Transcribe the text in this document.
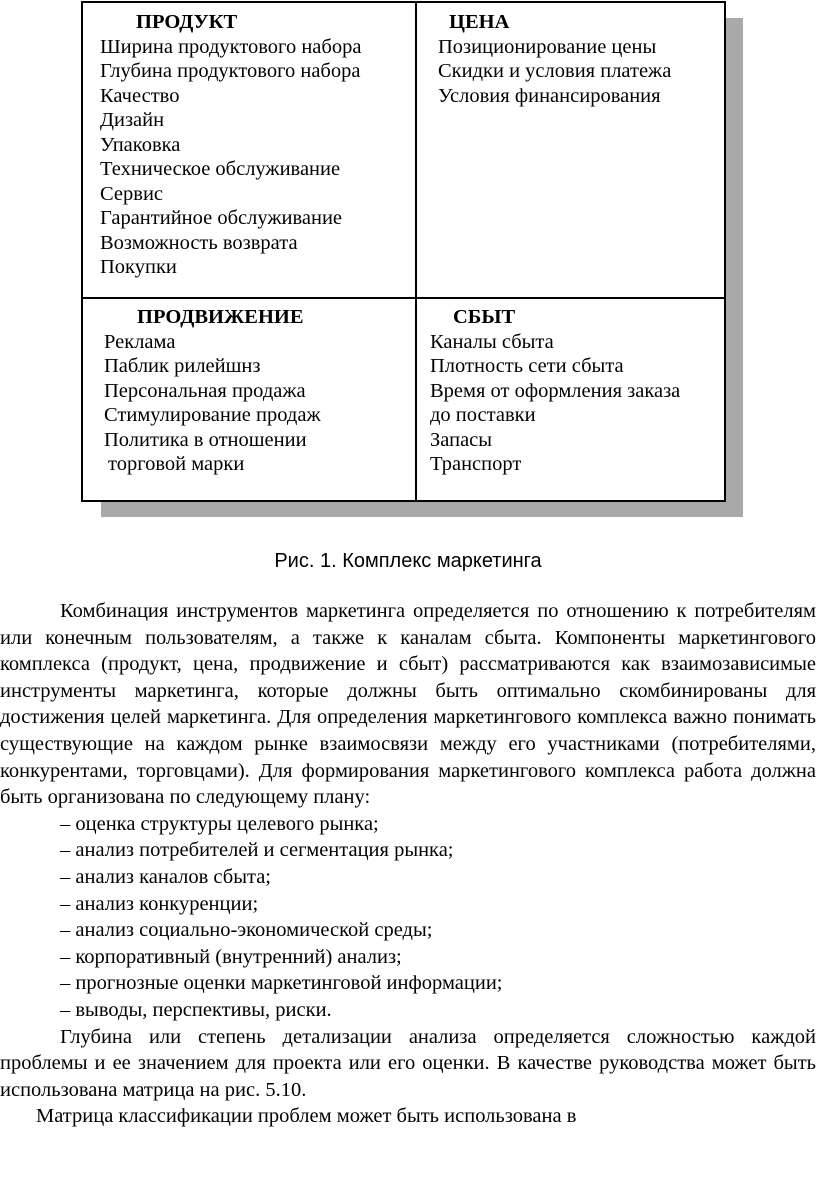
ПРОДУКТ
Ширина продуктового набора
Глубина продуктового набора
Качество
Дизайн
Упаковка
Техническое обслуживание
Сервис
Гарантийное обслуживание
Возможность возврата
Покупки
ЦЕНА
Позиционирование цены
Скидки и условия платежа
Условия финансирования
ПРОДВИЖЕНИЕ
Реклама
Паблик рилейшнз
Персональная продажа
Стимулирование продаж
Политика в отношении
торговой марки
СБЫТ
Каналы сбыта
Плотность сети сбыта
Время от оформления заказа
до поставки
Запасы
Транспорт
Рис. 1. Комплекс маркетинга

Комбинация инструментов маркетинга определяется по отношению к потребителям или конечным пользователям, а также к каналам сбыта. Компоненты маркетингового комплекса (продукт, цена, продвижение и сбыт) рассматриваются как взаимозависимые инструменты маркетинга, которые должны быть оптимально скомбинированы для достижения целей маркетинга. Для определения маркетингового комплекса важно понимать существующие на каждом рынке взаимосвязи между его участниками (потребителями, конкурентами, торговцами). Для формирования маркетингового комплекса работа должна быть организована по следующему плану:

– оценка структуры целевого рынка;
– анализ потребителей и сегментация рынка;
– анализ каналов сбыта;
– анализ конкуренции;
– анализ социально-экономической среды;
– корпоративный (внутренний) анализ;
– прогнозные оценки маркетинговой информации;
– выводы, перспективы, риски.

Глубина или степень детализации анализа определяется сложностью каждой проблемы и ее значением для проекта или его оценки. В качестве руководства может быть использована матрица на рис. 5.10.

Матрица классификации проблем может быть использована в
